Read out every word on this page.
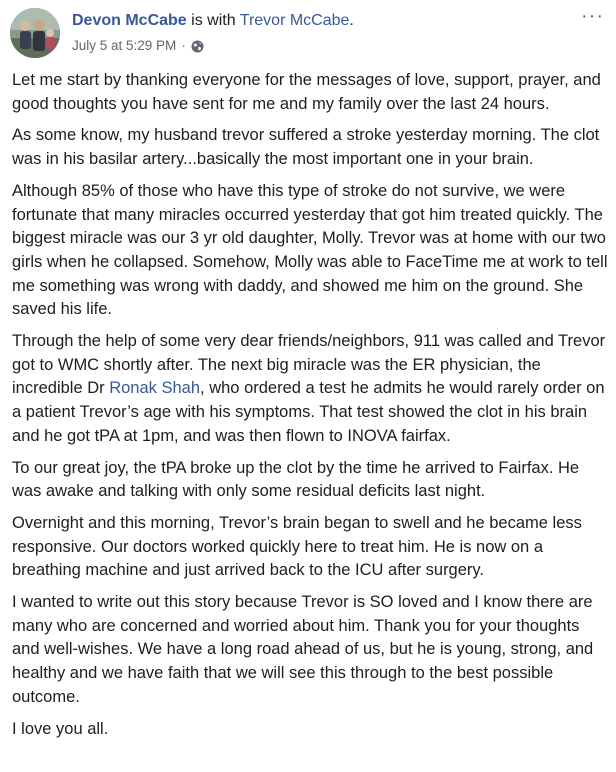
Devon McCabe is with Trevor McCabe.
July 5 at 5:29 PM ·
···

Let me start by thanking everyone for the messages of love, support, prayer, and good thoughts you have sent for me and my family over the last 24 hours.

As some know, my husband trevor suffered a stroke yesterday morning. The clot was in his basilar artery...basically the most important one in your brain.

Although 85% of those who have this type of stroke do not survive, we were fortunate that many miracles occurred yesterday that got him treated quickly. The biggest miracle was our 3 yr old daughter, Molly. Trevor was at home with our two girls when he collapsed. Somehow, Molly was able to FaceTime me at work to tell me something was wrong with daddy, and showed me him on the ground. She saved his life.

Through the help of some very dear friends/neighbors, 911 was called and Trevor got to WMC shortly after. The next big miracle was the ER physician, the incredible Dr Ronak Shah, who ordered a test he admits he would rarely order on a patient Trevor’s age with his symptoms. That test showed the clot in his brain and he got tPA at 1pm, and was then flown to INOVA fairfax.

To our great joy, the tPA broke up the clot by the time he arrived to Fairfax. He was awake and talking with only some residual deficits last night.

Overnight and this morning, Trevor’s brain began to swell and he became less responsive. Our doctors worked quickly here to treat him. He is now on a breathing machine and just arrived back to the ICU after surgery.

I wanted to write out this story because Trevor is SO loved and I know there are many who are concerned and worried about him. Thank you for your thoughts and well-wishes. We have a long road ahead of us, but he is young, strong, and healthy and we have faith that we will see this through to the best possible outcome.

I love you all.
